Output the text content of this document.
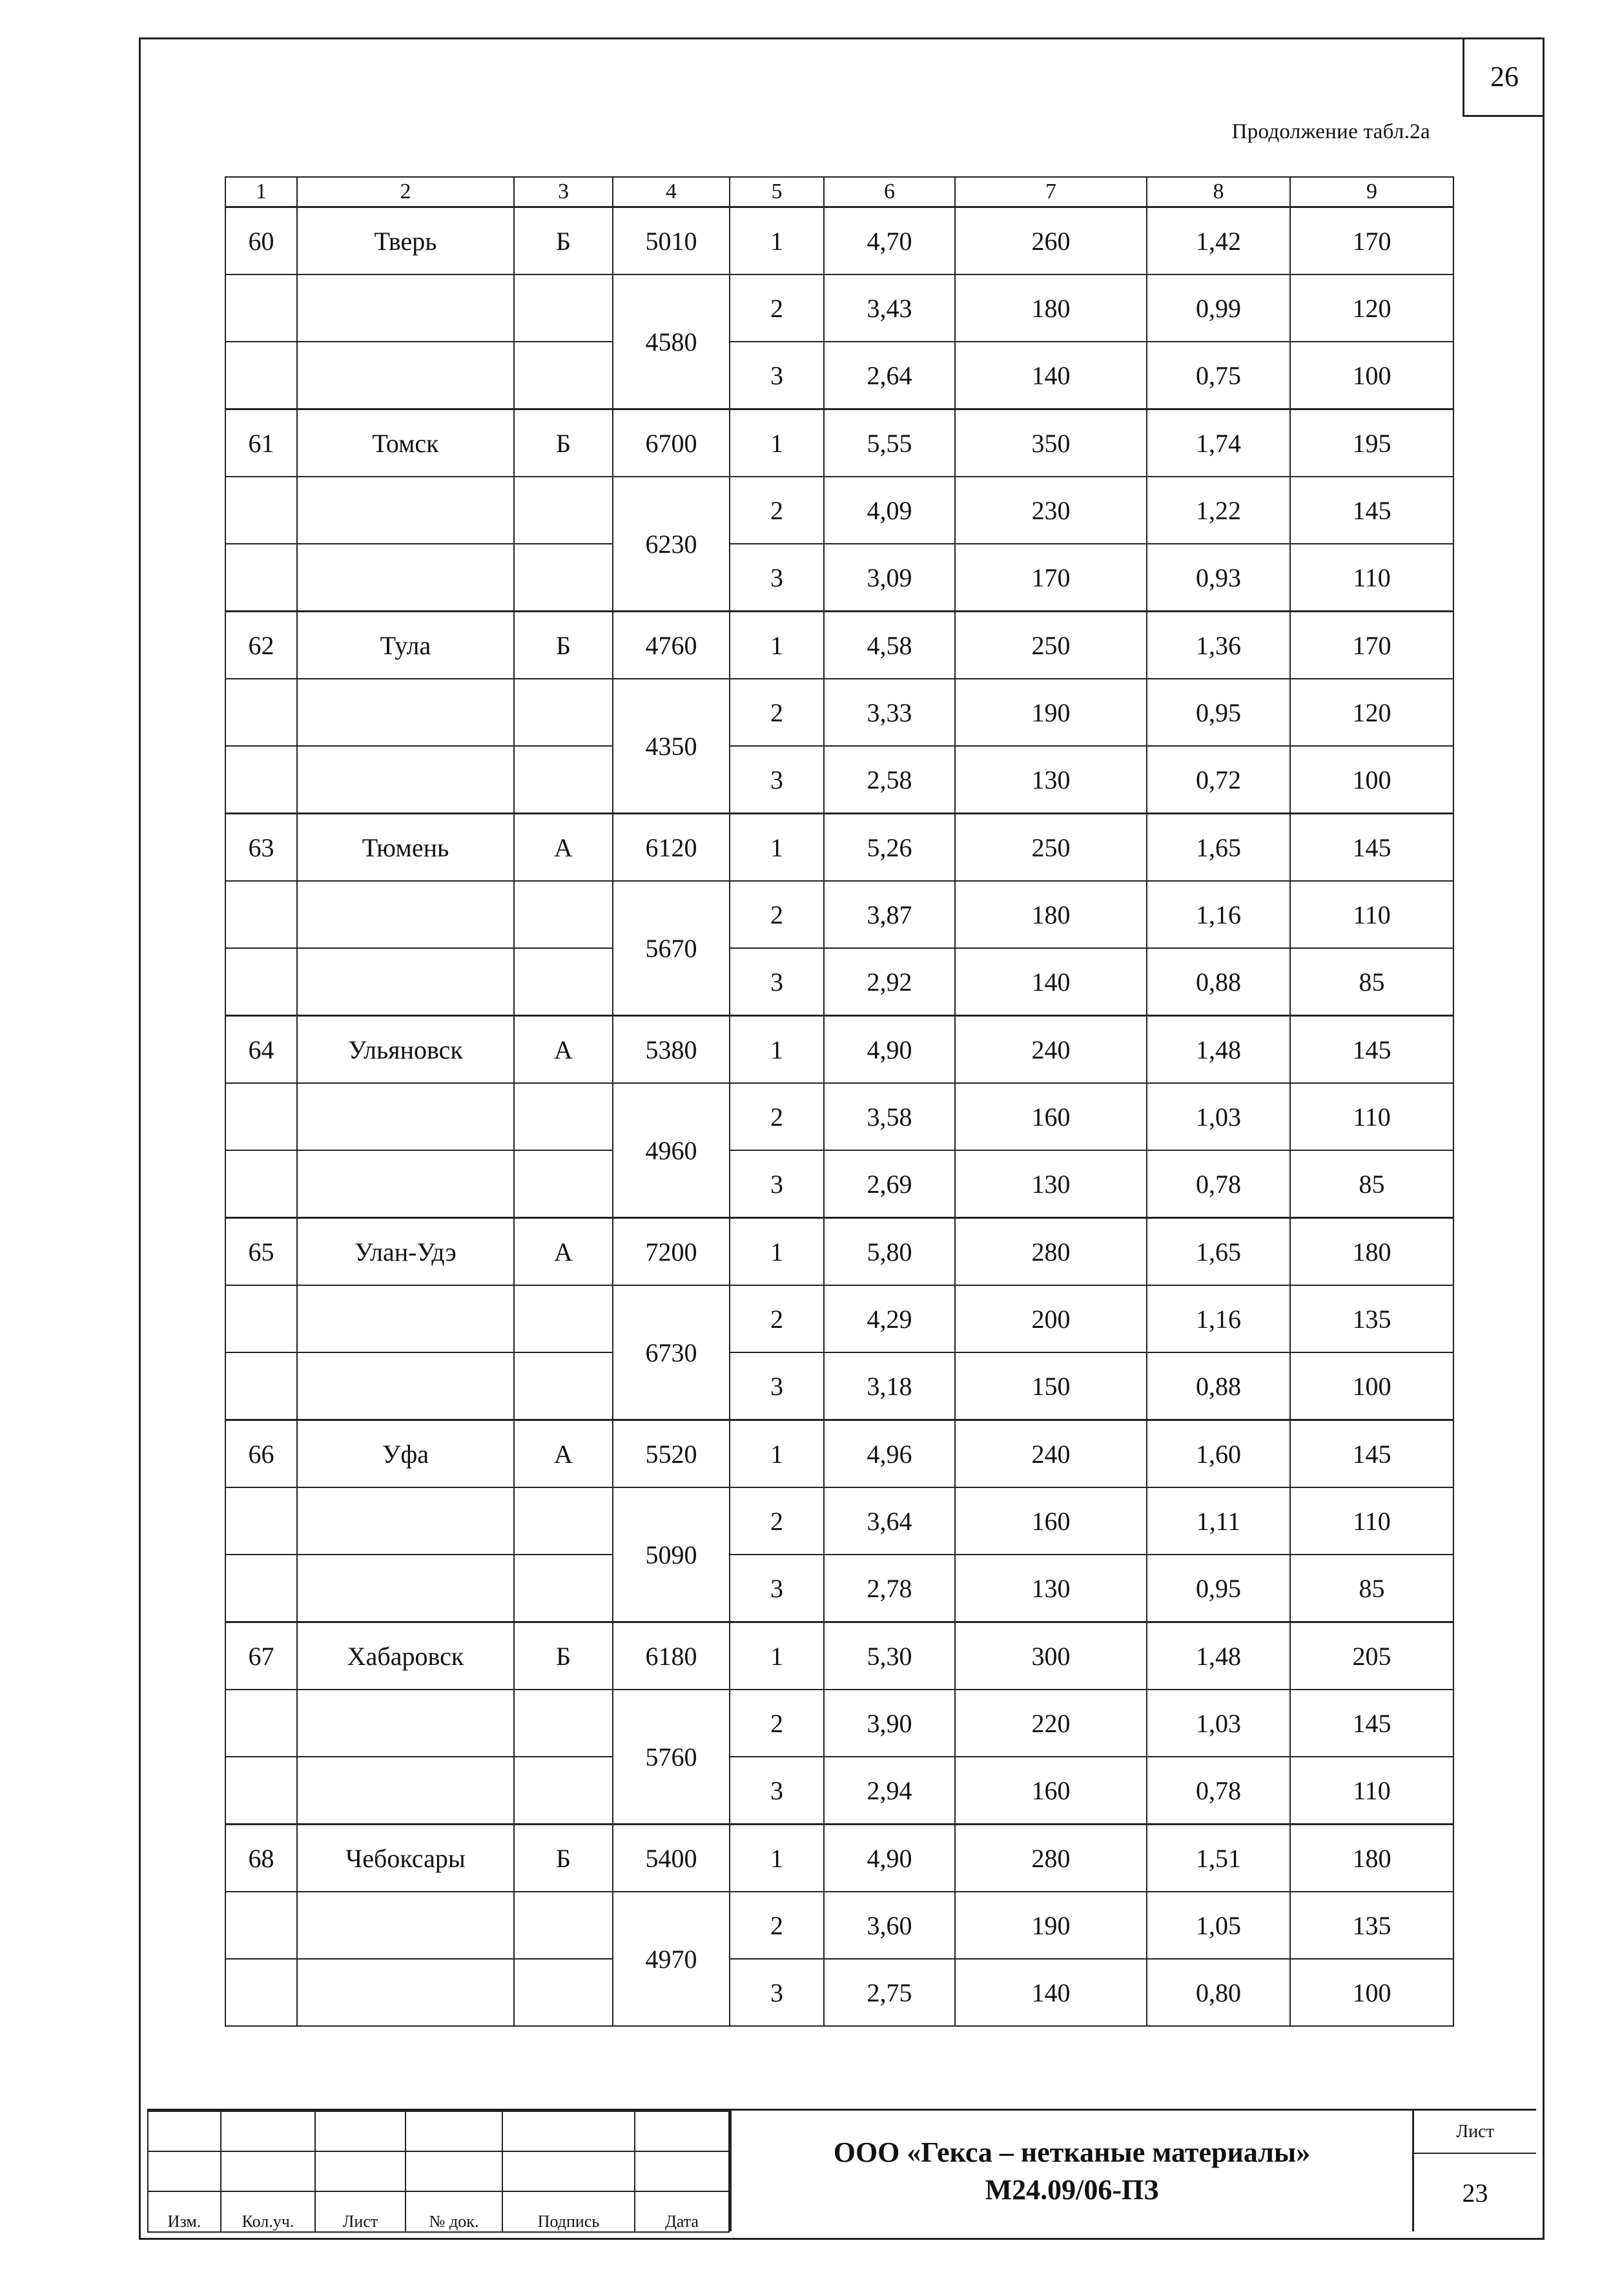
26
Продолжение табл.2а
1	2	3	4	5	6	7	8	9
60	Тверь	Б	5010	1	4,70	260	1,42	170
			4580	2	3,43	180	0,99	120
				3	2,64	140	0,75	100
61	Томск	Б	6700	1	5,55	350	1,74	195
			6230	2	4,09	230	1,22	145
				3	3,09	170	0,93	110
62	Тула	Б	4760	1	4,58	250	1,36	170
			4350	2	3,33	190	0,95	120
				3	2,58	130	0,72	100
63	Тюмень	А	6120	1	5,26	250	1,65	145
			5670	2	3,87	180	1,16	110
				3	2,92	140	0,88	85
64	Ульяновск	А	5380	1	4,90	240	1,48	145
			4960	2	3,58	160	1,03	110
				3	2,69	130	0,78	85
65	Улан-Удэ	А	7200	1	5,80	280	1,65	180
			6730	2	4,29	200	1,16	135
				3	3,18	150	0,88	100
66	Уфа	А	5520	1	4,96	240	1,60	145
			5090	2	3,64	160	1,11	110
				3	2,78	130	0,95	85
67	Хабаровск	Б	6180	1	5,30	300	1,48	205
			5760	2	3,90	220	1,03	145
				3	2,94	160	0,78	110
68	Чебоксары	Б	5400	1	4,90	280	1,51	180
			4970	2	3,60	190	1,05	135
				3	2,75	140	0,80	100

Изм.	Кол.уч.	Лист	№ док.	Подпись	Дата
ООО «Гекса – нетканые материалы»
М24.09/06-ПЗ
Лист
23
